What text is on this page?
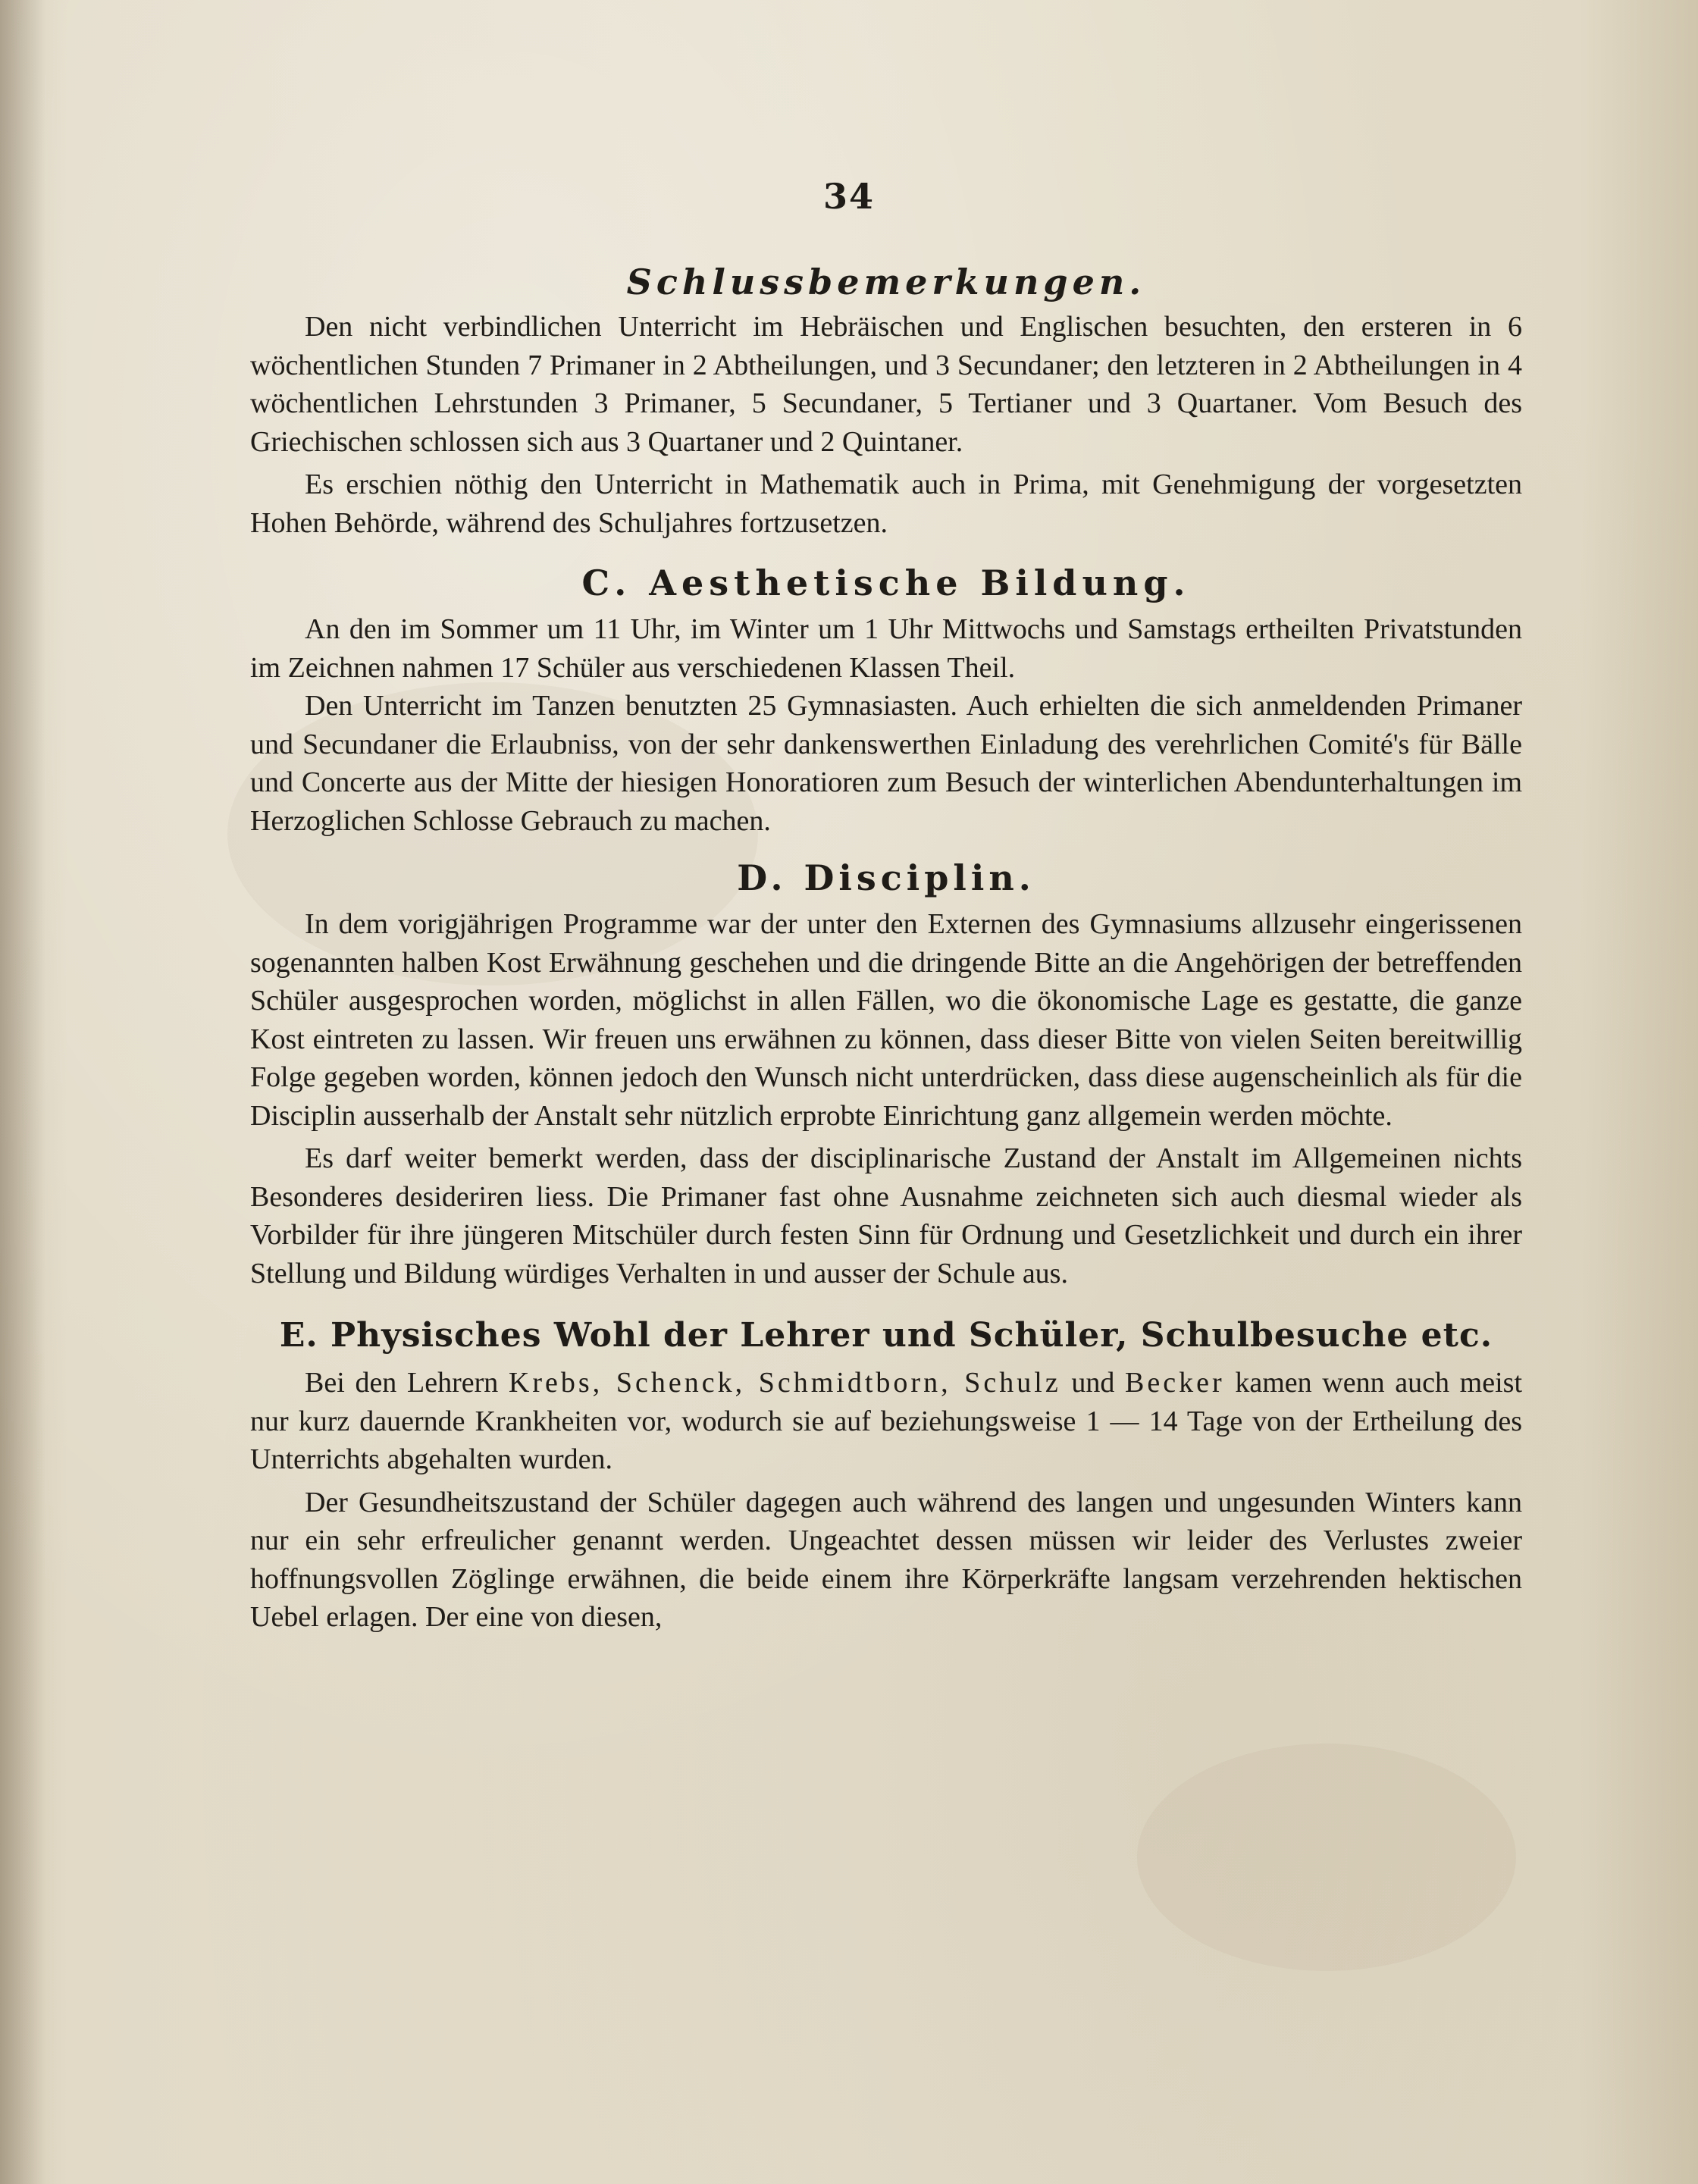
34
Schlussbemerkungen.

Den nicht verbindlichen Unterricht im Hebräischen und Englischen besuchten, den ersteren in 6 wöchentlichen Stunden 7 Primaner in 2 Abtheilungen, und 3 Secundaner; den letzteren in 2 Abtheilungen in 4 wöchentlichen Lehrstunden 3 Primaner, 5 Secundaner, 5 Tertianer und 3 Quartaner. Vom Besuch des Griechischen schlossen sich aus 3 Quartaner und 2 Quintaner.

Es erschien nöthig den Unterricht in Mathematik auch in Prima, mit Genehmigung der vorgesetzten Hohen Behörde, während des Schuljahres fortzusetzen.

C. Aesthetische Bildung.

An den im Sommer um 11 Uhr, im Winter um 1 Uhr Mittwochs und Samstags ertheilten Privatstunden im Zeichnen nahmen 17 Schüler aus verschiedenen Klassen Theil.

Den Unterricht im Tanzen benutzten 25 Gymnasiasten. Auch erhielten die sich anmeldenden Primaner und Secundaner die Erlaubniss, von der sehr dankenswerthen Einladung des verehrlichen Comité's für Bälle und Concerte aus der Mitte der hiesigen Honoratioren zum Besuch der winterlichen Abendunterhaltungen im Herzoglichen Schlosse Gebrauch zu machen.

D. Disciplin.

In dem vorigjährigen Programme war der unter den Externen des Gymnasiums allzusehr eingerissenen sogenannten halben Kost Erwähnung geschehen und die dringende Bitte an die Angehörigen der betreffenden Schüler ausgesprochen worden, möglichst in allen Fällen, wo die ökonomische Lage es gestatte, die ganze Kost eintreten zu lassen. Wir freuen uns erwähnen zu können, dass dieser Bitte von vielen Seiten bereitwillig Folge gegeben worden, können jedoch den Wunsch nicht unterdrücken, dass diese augenscheinlich als für die Disciplin ausserhalb der Anstalt sehr nützlich erprobte Einrichtung ganz allgemein werden möchte.

Es darf weiter bemerkt werden, dass der disciplinarische Zustand der Anstalt im Allgemeinen nichts Besonderes desideriren liess. Die Primaner fast ohne Ausnahme zeichneten sich auch diesmal wieder als Vorbilder für ihre jüngeren Mitschüler durch festen Sinn für Ordnung und Gesetzlichkeit und durch ein ihrer Stellung und Bildung würdiges Verhalten in und ausser der Schule aus.

E. Physisches Wohl der Lehrer und Schüler, Schulbesuche etc.

Bei den Lehrern Krebs, Schenck, Schmidtborn, Schulz und Becker kamen wenn auch meist nur kurz dauernde Krankheiten vor, wodurch sie auf beziehungsweise 1 — 14 Tage von der Ertheilung des Unterrichts abgehalten wurden.

Der Gesundheitszustand der Schüler dagegen auch während des langen und ungesunden Winters kann nur ein sehr erfreulicher genannt werden. Ungeachtet dessen müssen wir leider des Verlustes zweier hoffnungsvollen Zöglinge erwähnen, die beide einem ihre Körperkräfte langsam verzehrenden hektischen Uebel erlagen. Der eine von diesen,
